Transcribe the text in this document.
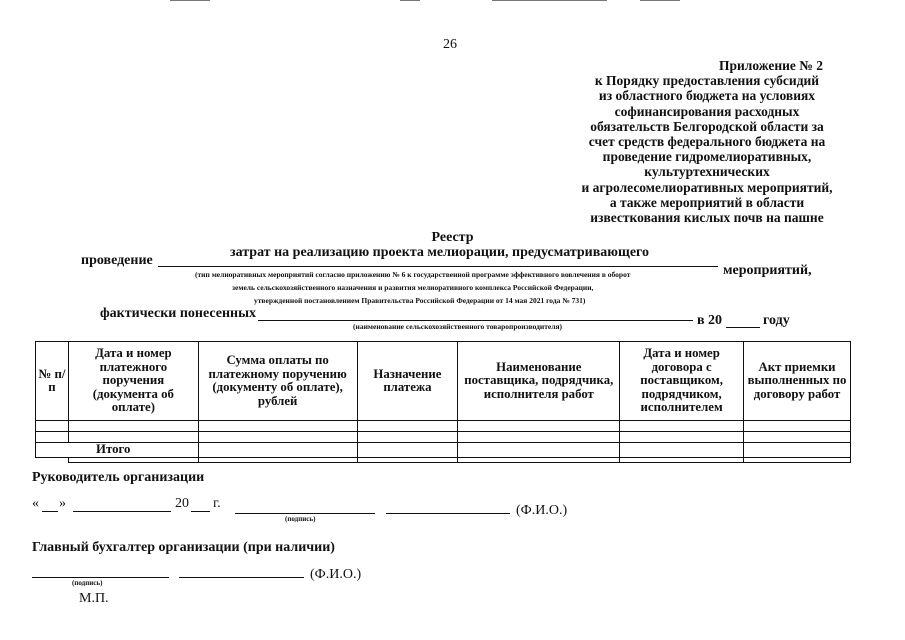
26
Приложение № 2
к Порядку предоставления субсидий
из областного бюджета на условиях
софинансирования расходных
обязательств Белгородской области за
счет средств федерального бюджета на
проведение гидромелиоративных,
культуртехнических
и агролесомелиоративных мероприятий,
а также мероприятий в области
известкования кислых почв на пашне
Реестр
затрат на реализацию проекта мелиорации, предусматривающего
проведение
мероприятий,
(тип мелиоративных мероприятий согласно приложению № 6 к государственной программе эффективного вовлечения в оборот
земель сельскохозяйственного назначения и развития мелиоративного комплекса Российской Федерации,
утвержденной постановлением Правительства Российской Федерации от 14 мая 2021 года № 731)
фактически понесенных
(наименование сельскохозяйственного товаропроизводителя)	в 20	году
№ п/п	Дата и номер платежного поручения (документа об оплате)	Сумма оплаты по платежному поручению (документу об оплате), рублей	Назначение платежа	Наименование поставщика, подрядчика, исполнителя работ	Дата и номер договора с поставщиком, подрядчиком, исполнителем	Акт приемки выполненных по договору работ

Итого						

Руководитель организации
« »	20 г.
(подпись)
(Ф.И.О.)
Главный бухгалтер организации (при наличии)
(подпись)
(Ф.И.О.)
М.П.
